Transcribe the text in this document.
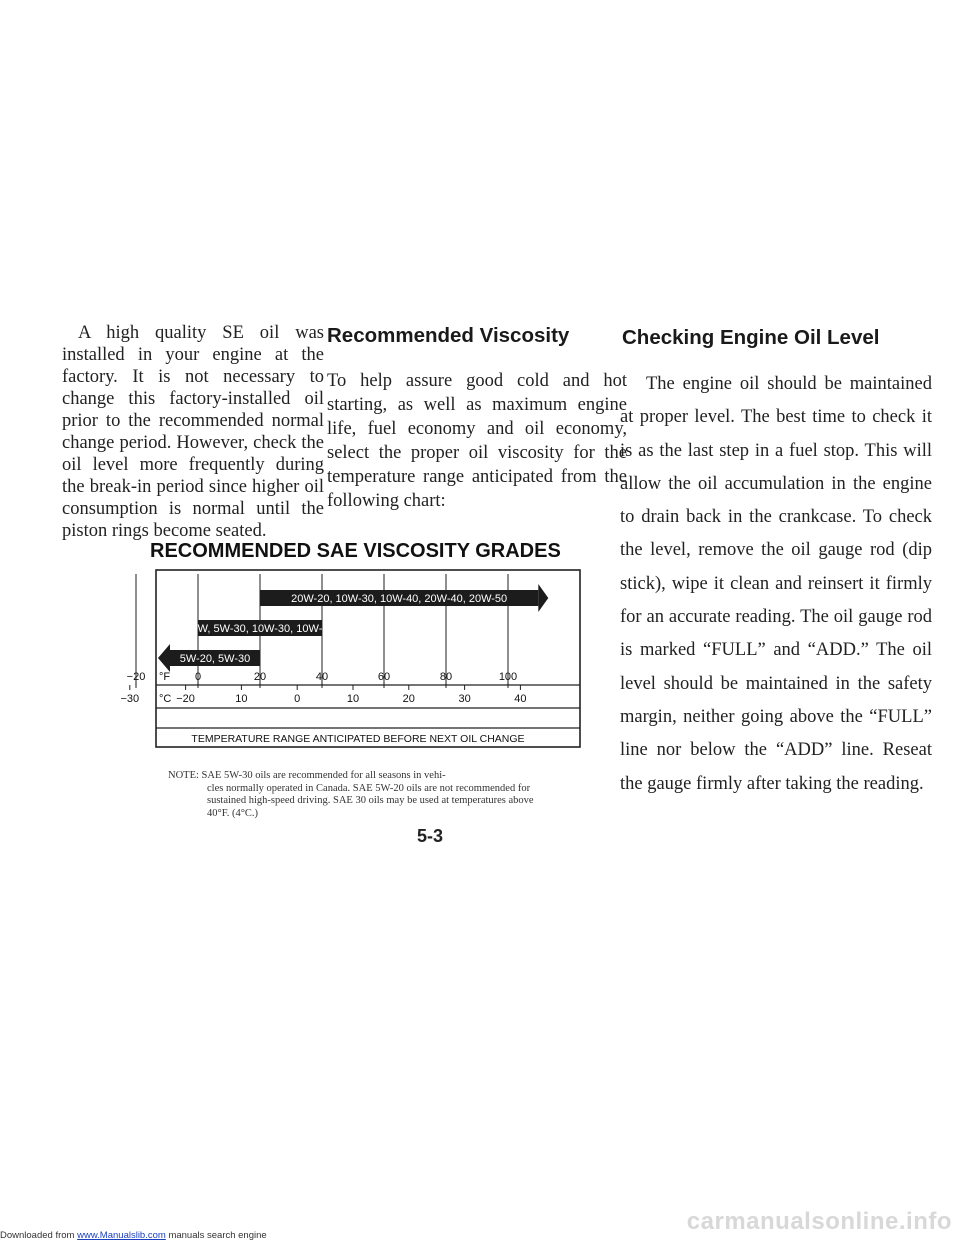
A high quality SE oil was installed in your engine at the factory. It is not necessary to change this factory-installed oil prior to the recommended normal change period. However, check the oil level more frequently during the break-in period since higher oil consumption is normal until the piston rings become seated.

Recommended Viscosity

To help assure good cold and hot starting, as well as maximum engine life, fuel economy and oil economy, select the proper oil viscosity for the temperature range anticipated from the following chart:

Checking Engine Oil Level

The engine oil should be maintained at proper level. The best time to check it is as the last step in a fuel stop. This will allow the oil accumulation in the engine to drain back in the crankcase. To check the level, remove the oil gauge rod (dip stick), wipe it clean and reinsert it firmly for an accurate reading. The oil gauge rod is marked “FULL” and “ADD.” The oil level should be maintained in the safety margin, neither going above the “FULL” line nor below the “ADD” line. Reseat the gauge firmly after taking the reading.

RECOMMENDED SAE VISCOSITY GRADES
20W-20, 10W-30, 10W-40, 20W-40, 20W-50
10W, 5W-30, 10W-30, 10W-40
5W-20, 5W-30
°F
−20	0	20	40	60	80	100
°C
−30	−20	10	0	10	20	30	40
TEMPERATURE RANGE ANTICIPATED BEFORE NEXT OIL CHANGE
NOTE: SAE 5W-30 oils are recommended for all seasons in vehi-
cles normally operated in Canada. SAE 5W-20 oils are not recommended for sustained high-speed driving. SAE 30 oils may be used at temperatures above 40°F. (4°C.)
5-3
carmanualsonline.info
Downloaded from www.Manualslib.com manuals search engine
